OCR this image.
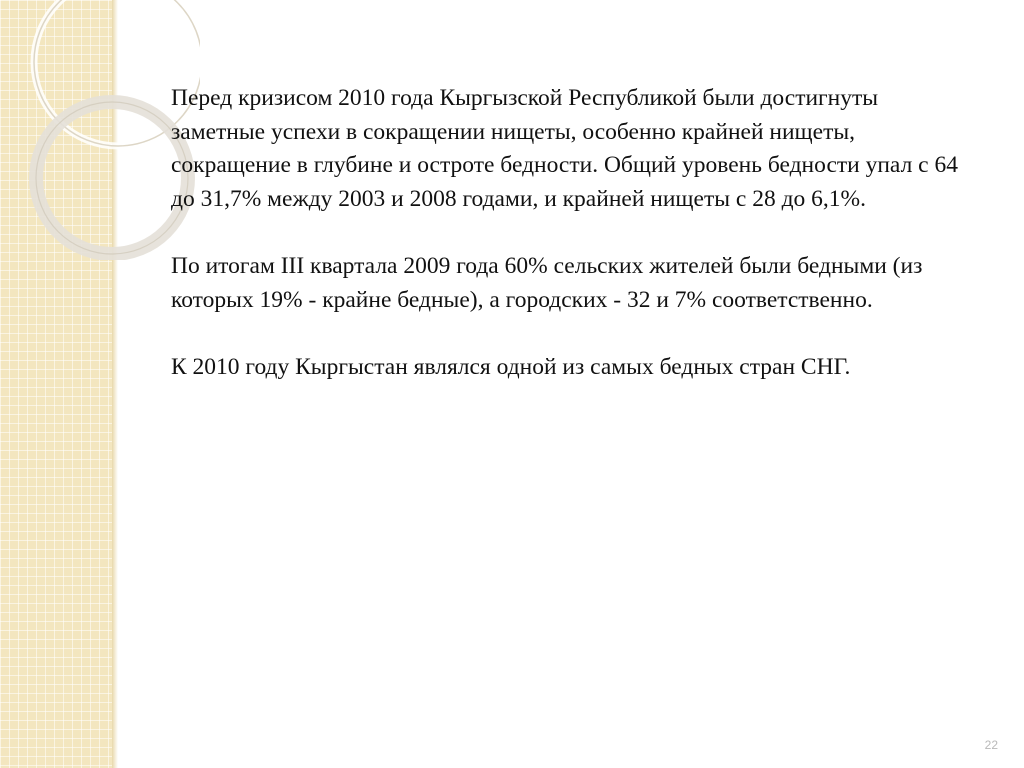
Перед кризисом 2010 года Кыргызской Республикой были достигнуты заметные успехи в сокращении нищеты, особенно крайней нищеты, сокращение в глубине и остроте бедности. Общий уровень бедности упал с 64 до 31,7% между 2003 и 2008 годами, и крайней нищеты с 28 до 6,1%.

По итогам III квартала 2009 года 60% сельских жителей были бедными (из которых 19% - крайне бедные), а городских - 32 и 7% соответственно.

К 2010 году Кыргыстан являлся одной из самых бедных стран СНГ.

22
